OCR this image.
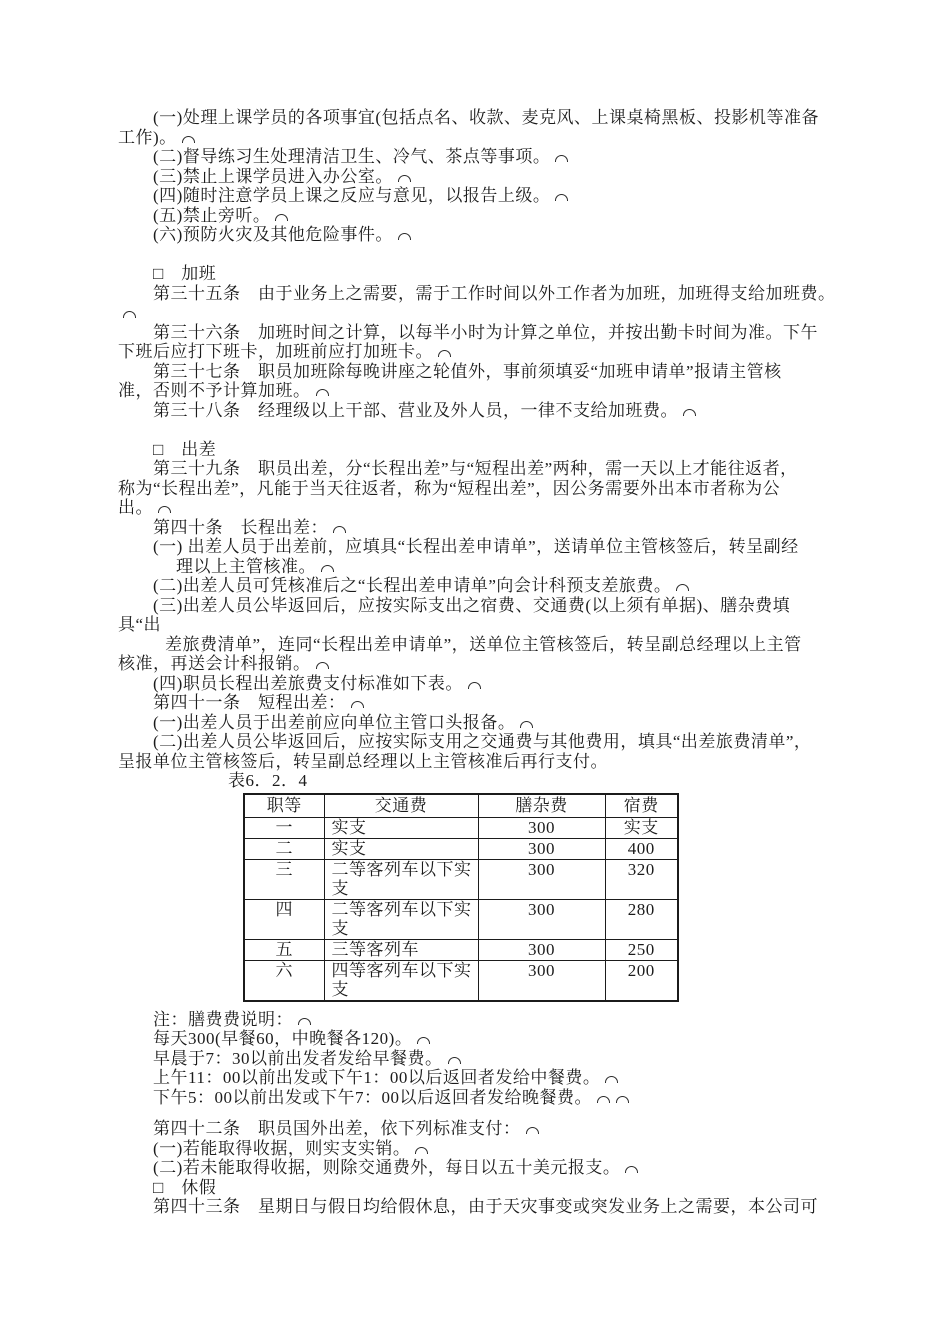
(一)处理上课学员的各项事宜(包括点名、收款、麦克风、上课桌椅黑板、投影机等准备
工作)。
(二)督导练习生处理清洁卫生、冷气、茶点等事项。
(三)禁止上课学员进入办公室。
(四)随时注意学员上课之反应与意见，以报告上级。
(五)禁止旁听。
(六)预防火灾及其他危险事件。
□　加班
第三十五条　由于业务上之需要，需于工作时间以外工作者为加班，加班得支给加班费。
第三十六条　加班时间之计算，以每半小时为计算之单位，并按出勤卡时间为准。下午
下班后应打下班卡，加班前应打加班卡。
第三十七条　职员加班除每晚讲座之轮值外，事前须填妥“加班申请单”报请主管核
准，否则不予计算加班。
第三十八条　经理级以上干部、营业及外人员，一律不支给加班费。
□　出差
第三十九条　职员出差，分“长程出差”与“短程出差”两种，需一天以上才能往返者，
称为“长程出差”，凡能于当天往返者，称为“短程出差”，因公务需要外出本市者称为公
出。
第四十条　长程出差：
(一) 出差人员于出差前，应填具“长程出差申请单”，送请单位主管核签后，转呈副经
理以上主管核准。
(二)出差人员可凭核准后之“长程出差申请单”向会计科预支差旅费。
(三)出差人员公毕返回后，应按实际支出之宿费、交通费(以上须有单据)、膳杂费填
具“出
差旅费清单”，连同“长程出差申请单”，送单位主管核签后，转呈副总经理以上主管
核准，再送会计科报销。
(四)职员长程出差旅费支付标准如下表。
第四十一条　短程出差：
(一)出差人员于出差前应向单位主管口头报备。
(二)出差人员公毕返回后，应按实际支用之交通费与其他费用，填具“出差旅费清单”，
呈报单位主管核签后，转呈副总经理以上主管核准后再行支付。
表6．2．4
职等	交通费	膳杂费	宿费
一	实支	300	实支
二	实支	300	400
三	二等客列车以下实支	300	320
四	二等客列车以下实支	300	280
五	三等客列车	300	250
六	四等客列车以下实支	300	200
注：膳费费说明：
每天300(早餐60，中晚餐各120)。
早晨于7：30以前出发者发给早餐费。
上午11：00以前出发或下午1：00以后返回者发给中餐费。
下午5：00以前出发或下午7：00以后返回者发给晚餐费。
第四十二条　职员国外出差，依下列标准支付：
(一)若能取得收据，则实支实销。
(二)若未能取得收据，则除交通费外，每日以五十美元报支。
□　休假
第四十三条　星期日与假日均给假休息，由于天灾事变或突发业务上之需要，本公司可
